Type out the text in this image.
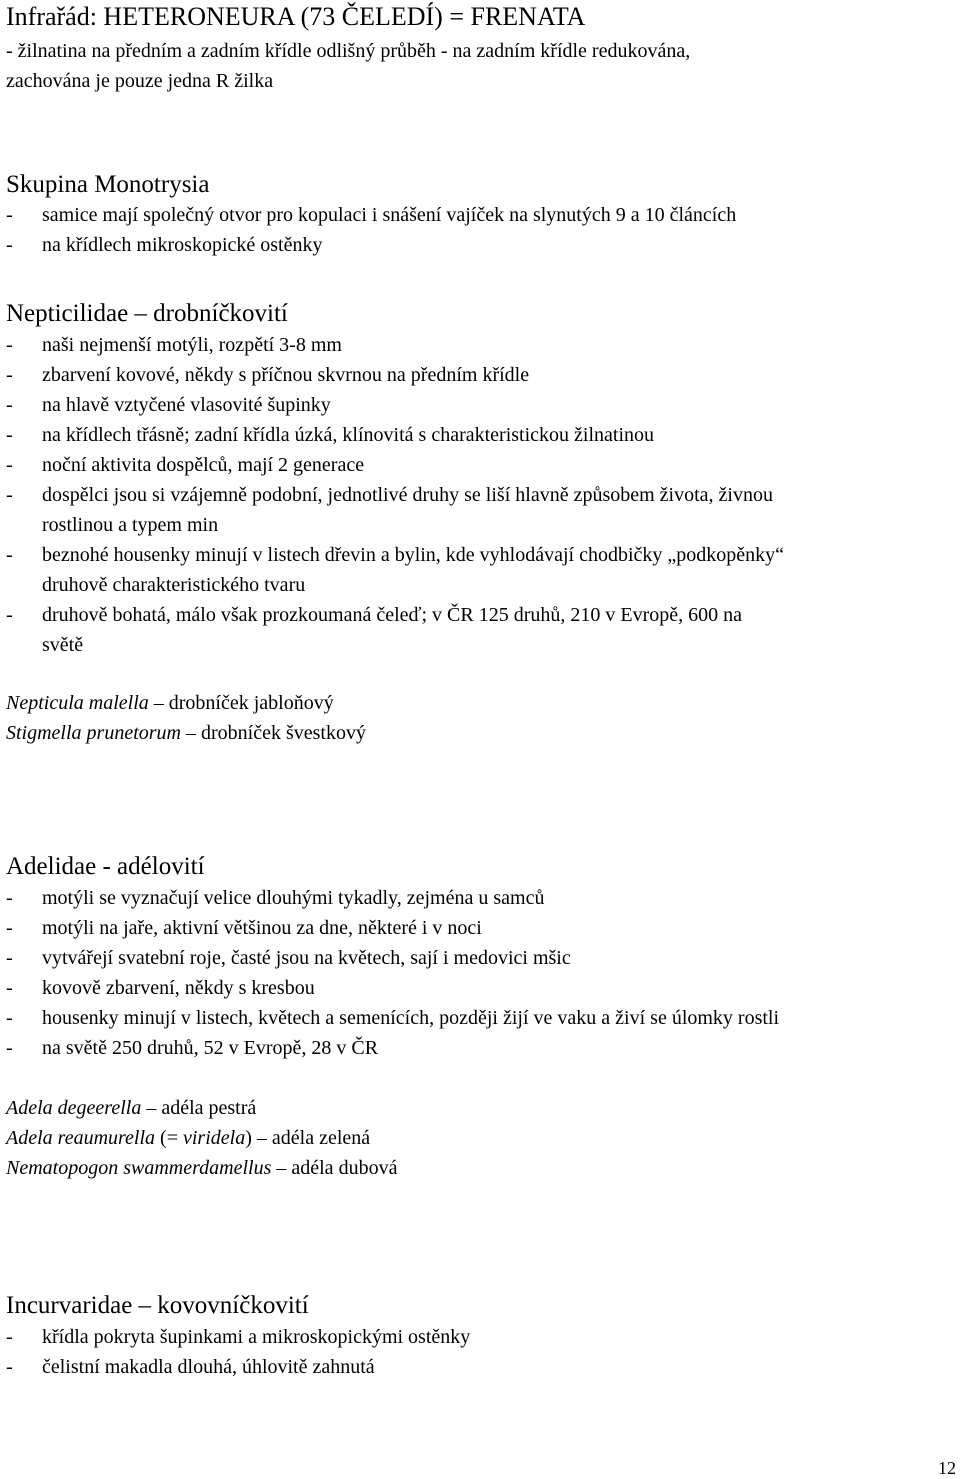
Infrařád: HETERONEURA (73 ČELEDÍ) = FRENATA
- žilnatina na předním a zadním křídle odlišný průběh - na zadním křídle redukována,
zachována je pouze jedna R žilka
Skupina Monotrysia
- samice mají společný otvor pro kopulaci i snášení vajíček na slynutých 9 a 10 článcích
- na křídlech mikroskopické ostěnky
Nepticilidae – drobníčkovití
- naši nejmenší motýli, rozpětí 3-8 mm
- zbarvení kovové, někdy s příčnou skvrnou na předním křídle
- na hlavě vztyčené vlasovité šupinky
- na křídlech třásně; zadní křídla úzká, klínovitá s charakteristickou žilnatinou
- noční aktivita dospělců, mají 2 generace
- dospělci jsou si vzájemně podobní, jednotlivé druhy se liší hlavně způsobem života, živnou
rostlinou a typem min
- beznohé housenky minují v listech dřevin a bylin, kde vyhlodávají chodbičky „podkopěnky“
druhově charakteristického tvaru
- druhově bohatá, málo však prozkoumaná čeleď; v ČR 125 druhů, 210 v Evropě, 600 na
světě
Nepticula malella – drobníček jabloňový
Stigmella prunetorum – drobníček švestkový
Adelidae - adélovití
- motýli se vyznačují velice dlouhými tykadly, zejména u samců
- motýli na jaře, aktivní většinou za dne, některé i v noci
- vytvářejí svatební roje, časté jsou na květech, sají i medovici mšic
- kovově zbarvení, někdy s kresbou
- housenky minují v listech, květech a semenících, později žijí ve vaku a živí se úlomky rostli
- na světě 250 druhů, 52 v Evropě, 28 v ČR
Adela degeerella – adéla pestrá
Adela reaumurella (= viridela) – adéla zelená
Nematopogon swammerdamellus – adéla dubová
Incurvaridae – kovovníčkovití
- křídla pokryta šupinkami a mikroskopickými ostěnky
- čelistní makadla dlouhá, úhlovitě zahnutá
12
